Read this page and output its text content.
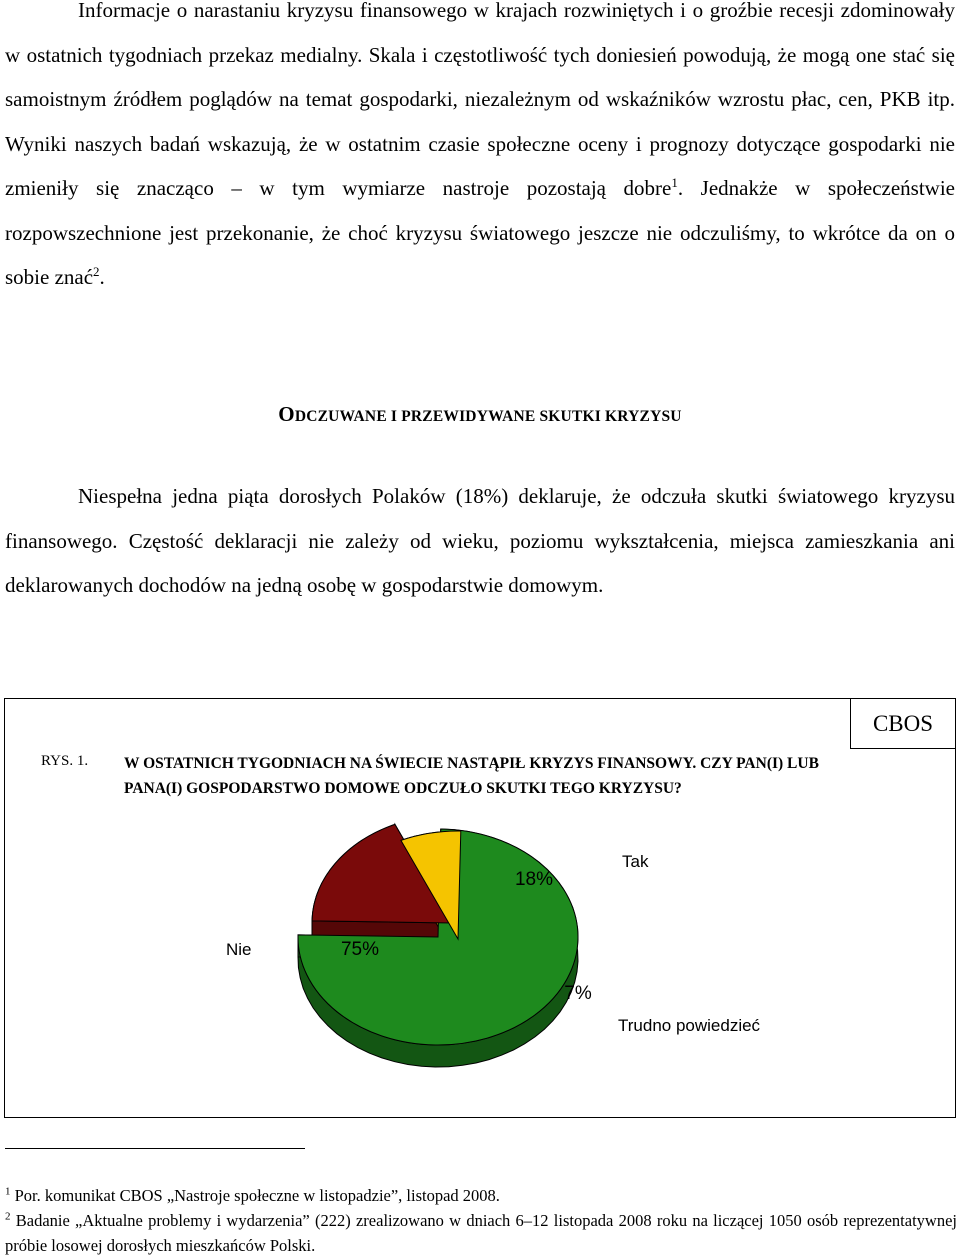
Informacje o narastaniu kryzysu finansowego w krajach rozwiniętych i o groźbie recesji zdominowały w ostatnich tygodniach przekaz medialny. Skala i częstotliwość tych doniesień powodują, że mogą one stać się samoistnym źródłem poglądów na temat gospodarki, niezależnym od wskaźników wzrostu płac, cen, PKB itp. Wyniki naszych badań wskazują, że w ostatnim czasie społeczne oceny i prognozy dotyczące gospodarki nie zmieniły się znacząco – w tym wymiarze nastroje pozostają dobre$^1$. Jednakże w społeczeństwie rozpowszechnione jest przekonanie, że choć kryzysu światowego jeszcze nie odczuliśmy, to wkrótce da on o sobie znać$^2$.

ODCZUWANE I PRZEWIDYWANE SKUTKI KRYZYSU

Niespełna jedna piąta dorosłych Polaków (18%) deklaruje, że odczuła skutki światowego kryzysu finansowego. Częstość deklaracji nie zależy od wieku, poziomu wykształcenia, miejsca zamieszkania ani deklarowanych dochodów na jedną osobę w gospodarstwie domowym.

CBOS
RYS. 1. W OSTATNICH TYGODNIACH NA ŚWIECIE NASTĄPIŁ KRYZYS FINANSOWY. CZY PAN(I) LUB PANA(I) GOSPODARSTWO DOMOWE ODCZUŁO SKUTKI TEGO KRYZYSU?
75%
Nie
18%
Tak
7%
Trudno powiedzieć
$^1$ Por. komunikat CBOS „Nastroje społeczne w listopadzie”, listopad 2008.
$^2$ Badanie „Aktualne problemy i wydarzenia” (222) zrealizowano w dniach 6–12 listopada 2008 roku na liczącej 1050 osób reprezentatywnej próbie losowej dorosłych mieszkańców Polski.
